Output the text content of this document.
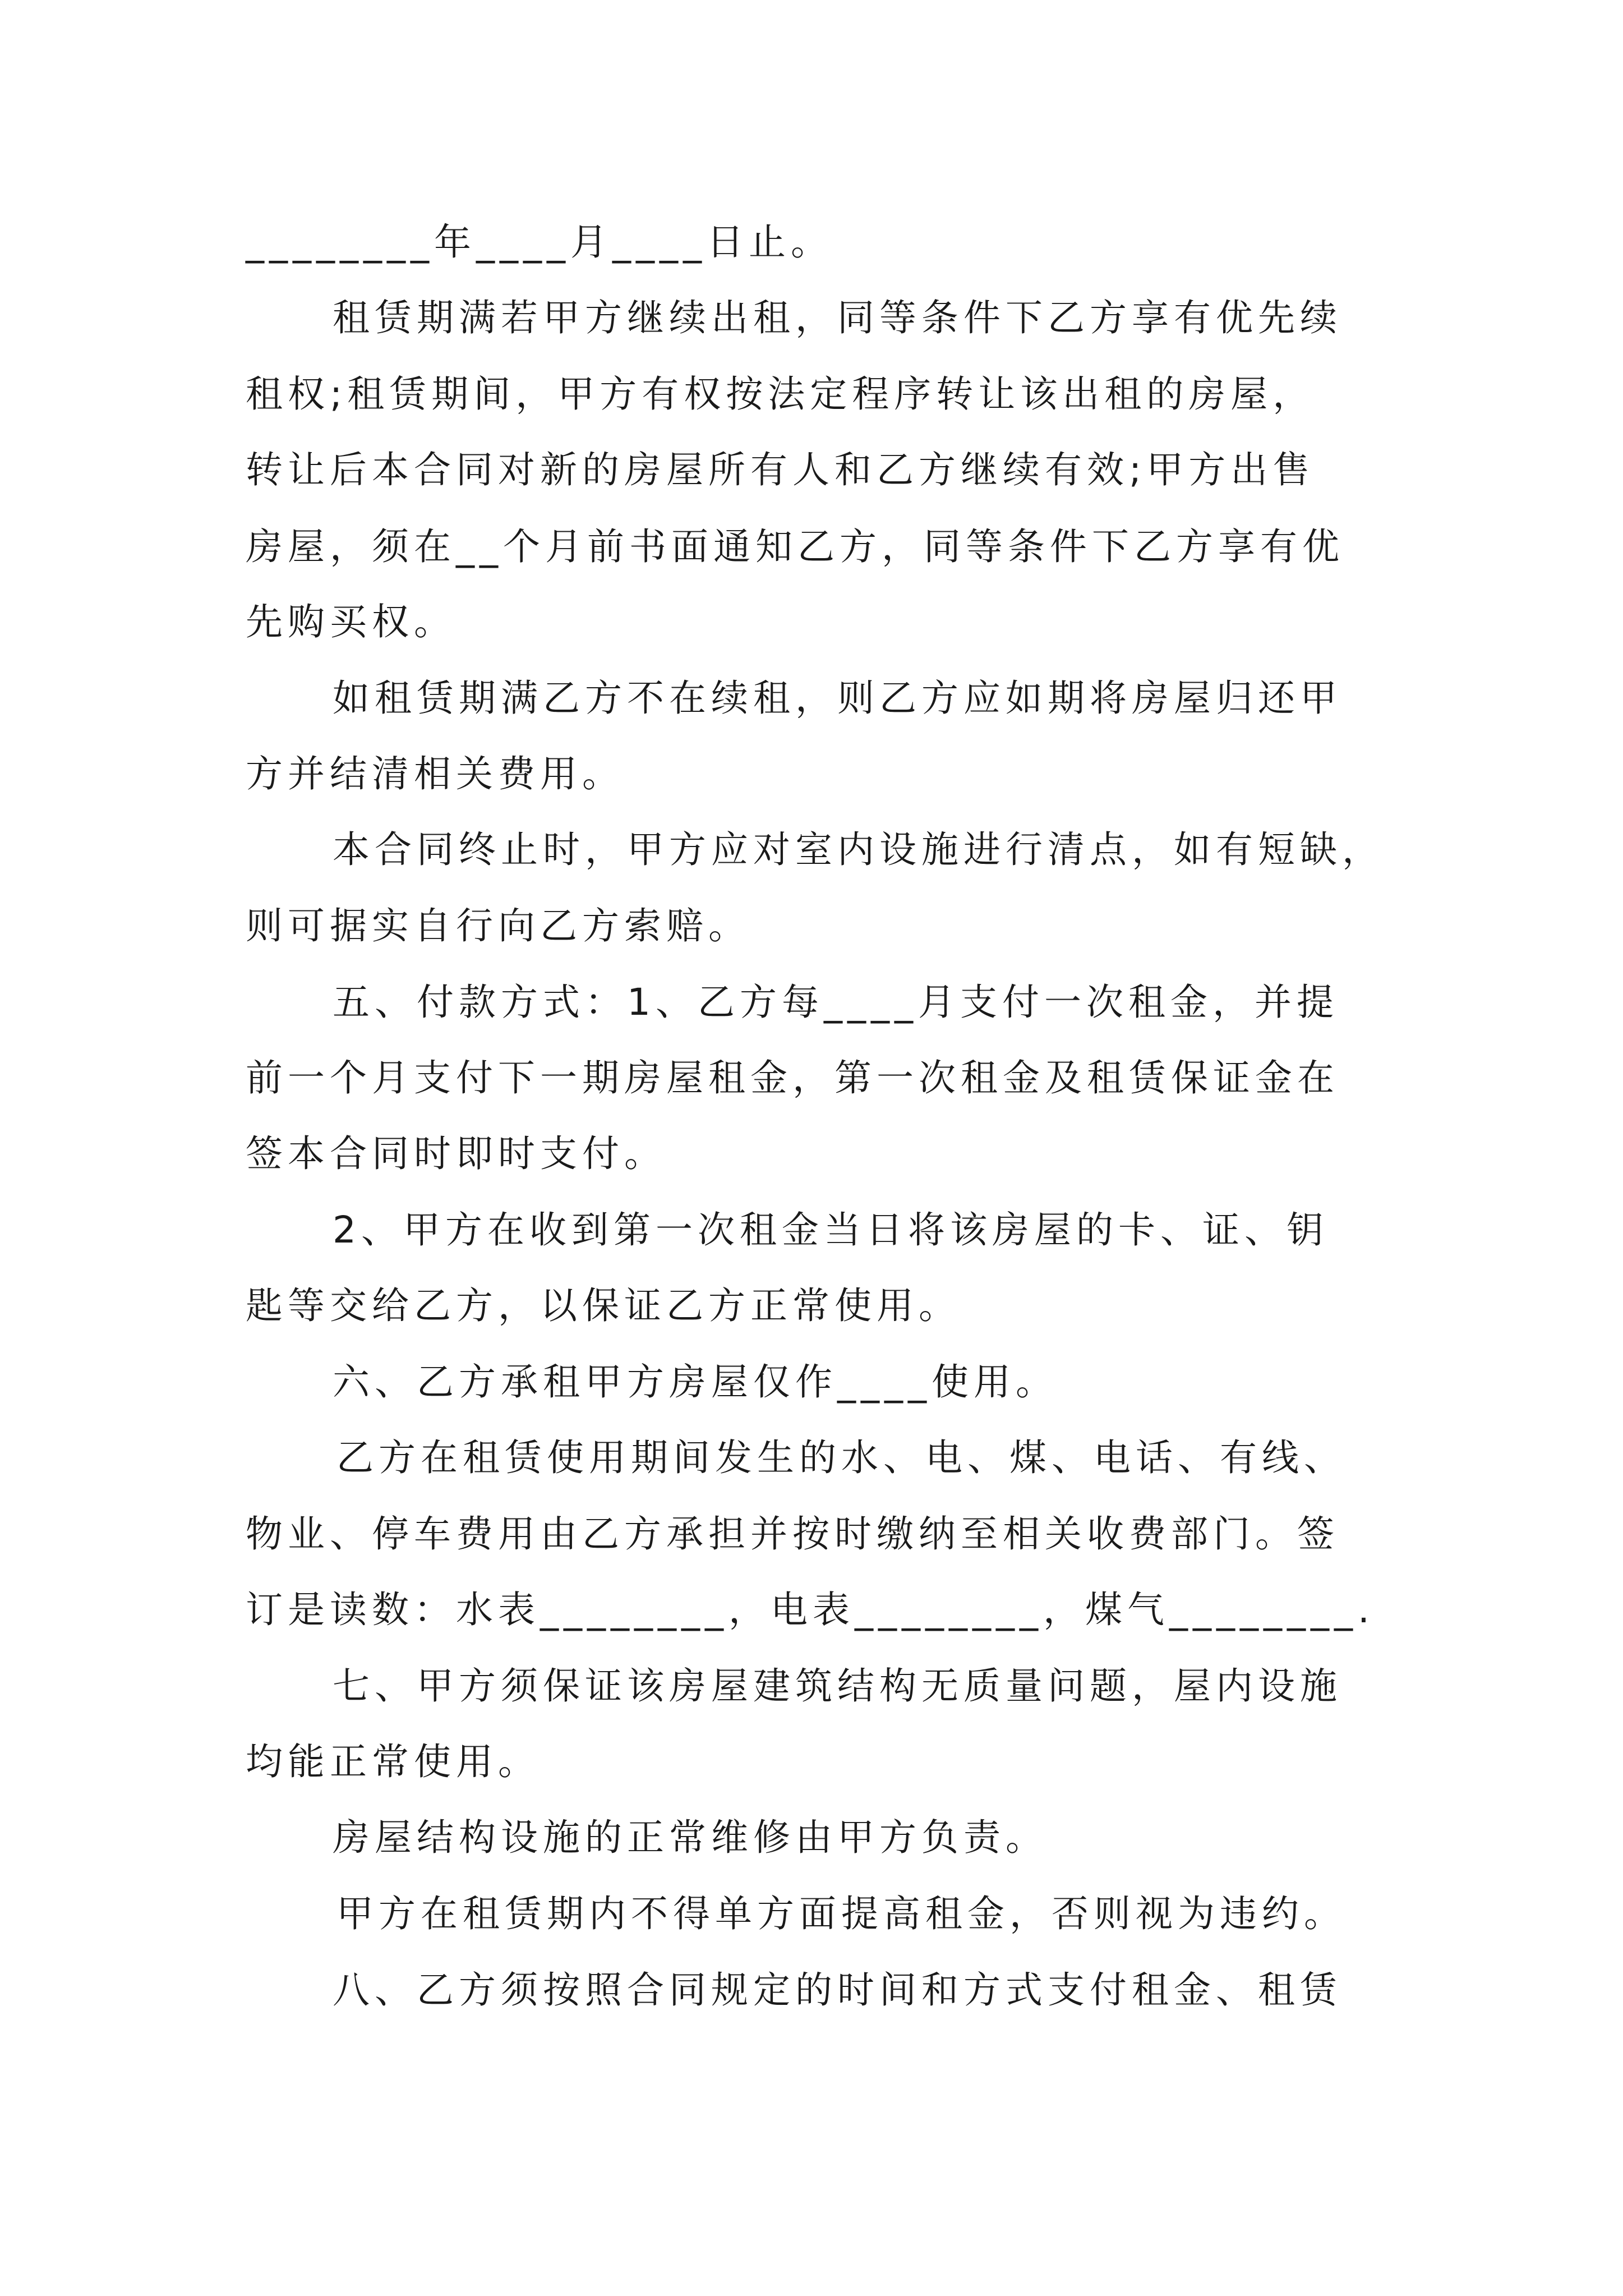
________年____月____日止。
租赁期满若甲方继续出租，同等条件下乙方享有优先续
租权;租赁期间，甲方有权按法定程序转让该出租的房屋，
转让后本合同对新的房屋所有人和乙方继续有效;甲方出售
房屋，须在__个月前书面通知乙方，同等条件下乙方享有优
先购买权。
如租赁期满乙方不在续租，则乙方应如期将房屋归还甲
方并结清相关费用。
本合同终止时，甲方应对室内设施进行清点，如有短缺，
则可据实自行向乙方索赔。
五、付款方式：1、乙方每____月支付一次租金，并提
前一个月支付下一期房屋租金，第一次租金及租赁保证金在
签本合同时即时支付。
2、甲方在收到第一次租金当日将该房屋的卡、证、钥
匙等交给乙方，以保证乙方正常使用。
六、乙方承租甲方房屋仅作____使用。
乙方在租赁使用期间发生的水、电、煤、电话、有线、
物业、停车费用由乙方承担并按时缴纳至相关收费部门。签
订是读数：水表________，电表________，煤气________.
七、甲方须保证该房屋建筑结构无质量问题，屋内设施
均能正常使用。
房屋结构设施的正常维修由甲方负责。
甲方在租赁期内不得单方面提高租金，否则视为违约。
八、乙方须按照合同规定的时间和方式支付租金、租赁
